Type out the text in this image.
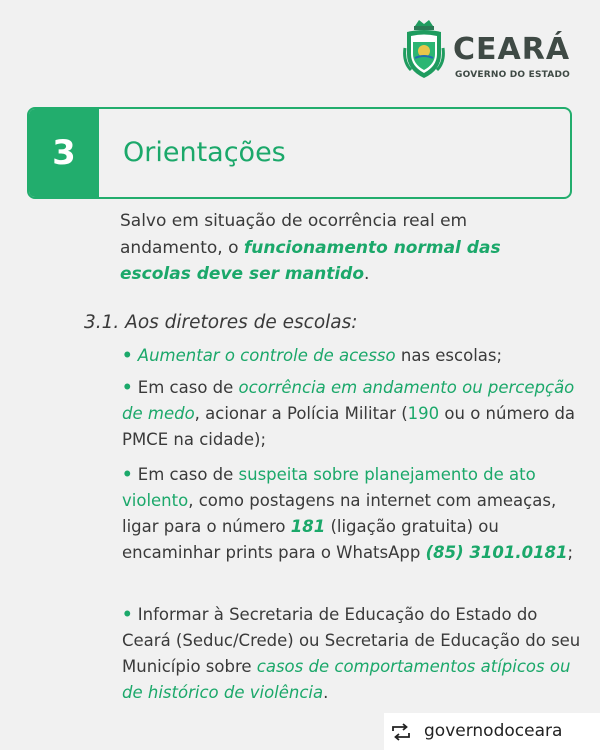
CEARÁ
GOVERNO DO ESTADO
3	Orientações
Salvo em situação de ocorrência real em andamento, o funcionamento normal das escolas deve ser mantido.
3.1. Aos diretores de escolas:
• Aumentar o controle de acesso nas escolas;
• Em caso de ocorrência em andamento ou percepção de medo, acionar a Polícia Militar (190 ou o número da PMCE na cidade);
• Em caso de suspeita sobre planejamento de ato violento, como postagens na internet com ameaças, ligar para o número 181 (ligação gratuita) ou encaminhar prints para o WhatsApp (85) 3101.0181;
• Informar à Secretaria de Educação do Estado do Ceará (Seduc/Crede) ou Secretaria de Educação do seu Município sobre casos de comportamentos atípicos ou de histórico de violência.
governodoceara
